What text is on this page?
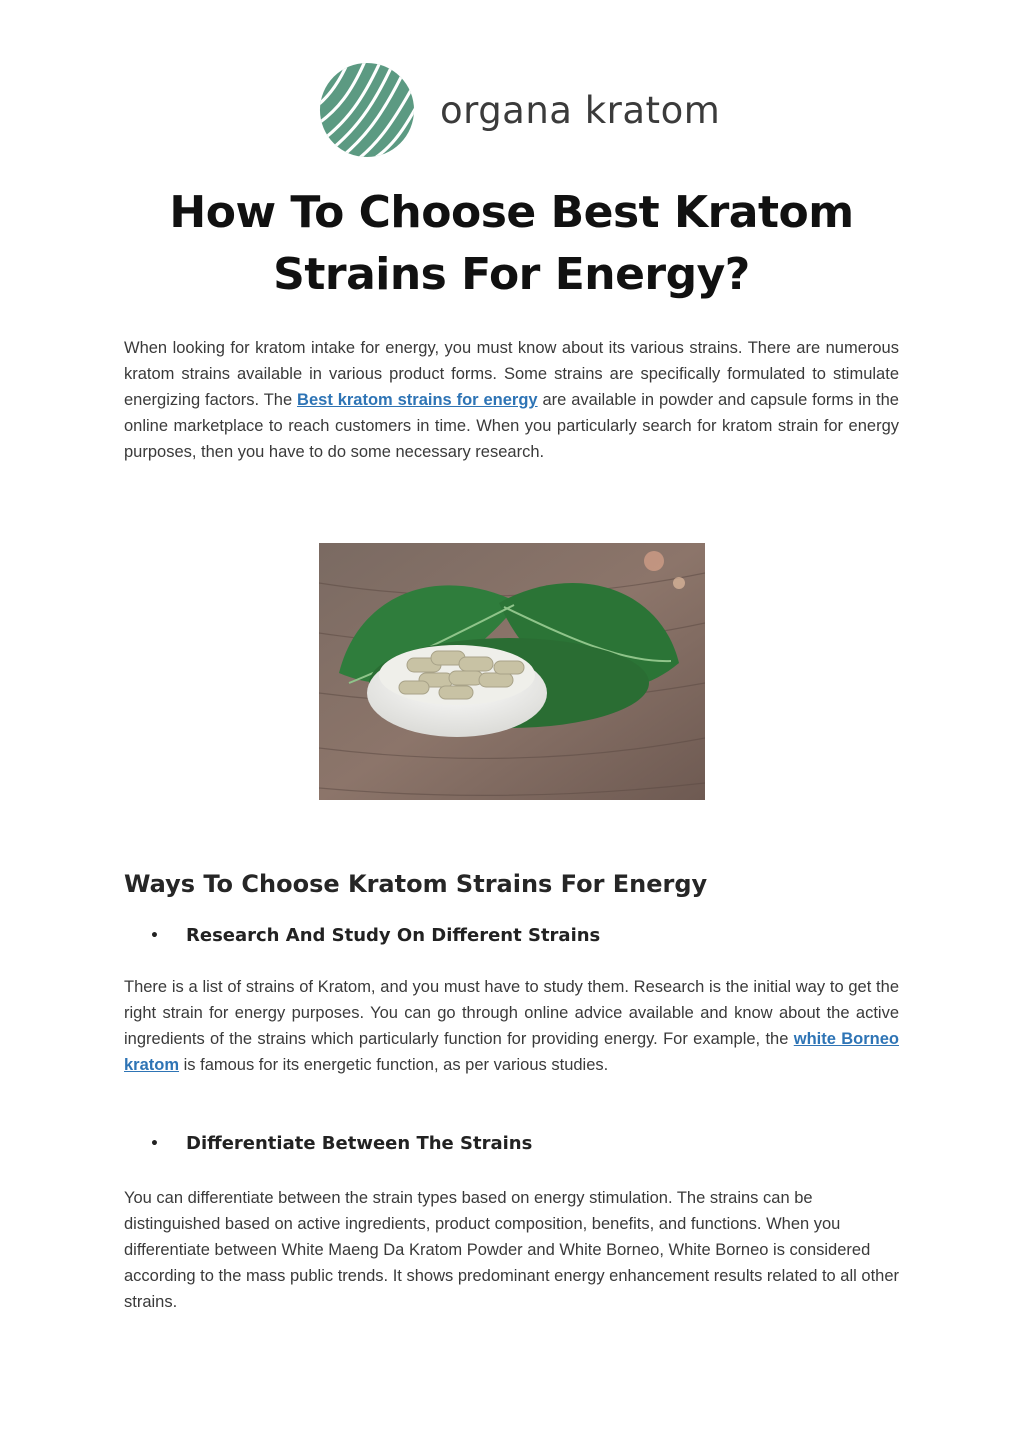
organa kratom
How To Choose Best Kratom Strains For Energy?

When looking for kratom intake for energy, you must know about its various strains. There are numerous kratom strains available in various product forms. Some strains are specifically formulated to stimulate energizing factors. The Best kratom strains for energy are available in powder and capsule forms in the online marketplace to reach customers in time. When you particularly search for kratom strain for energy purposes, then you have to do some necessary research.

Ways To Choose Kratom Strains For Energy
•	Research And Study On Different Strains

There is a list of strains of Kratom, and you must have to study them. Research is the initial way to get the right strain for energy purposes. You can go through online advice available and know about the active ingredients of the strains which particularly function for providing energy. For example, the white Borneo kratom is famous for its energetic function, as per various studies.

•	Differentiate Between The Strains

You can differentiate between the strain types based on energy stimulation. The strains can be distinguished based on active ingredients, product composition, benefits, and functions. When you differentiate between White Maeng Da Kratom Powder and White Borneo, White Borneo is considered according to the mass public trends. It shows predominant energy enhancement results related to all other strains.
